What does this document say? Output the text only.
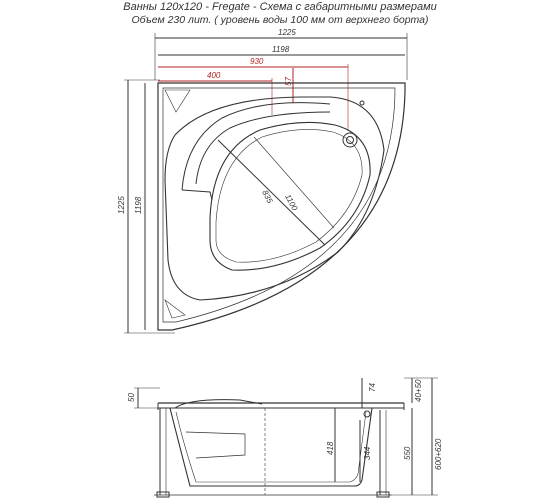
Ванны 120х120 - Fregate - Схема с габаритными размерами
Объем 230 лит. ( уровень воды 100 мм от верхнего борта)
1225
1198
930
400
57
1225 1198
835 1100
50
74
418	344
40+50
550	600+620
